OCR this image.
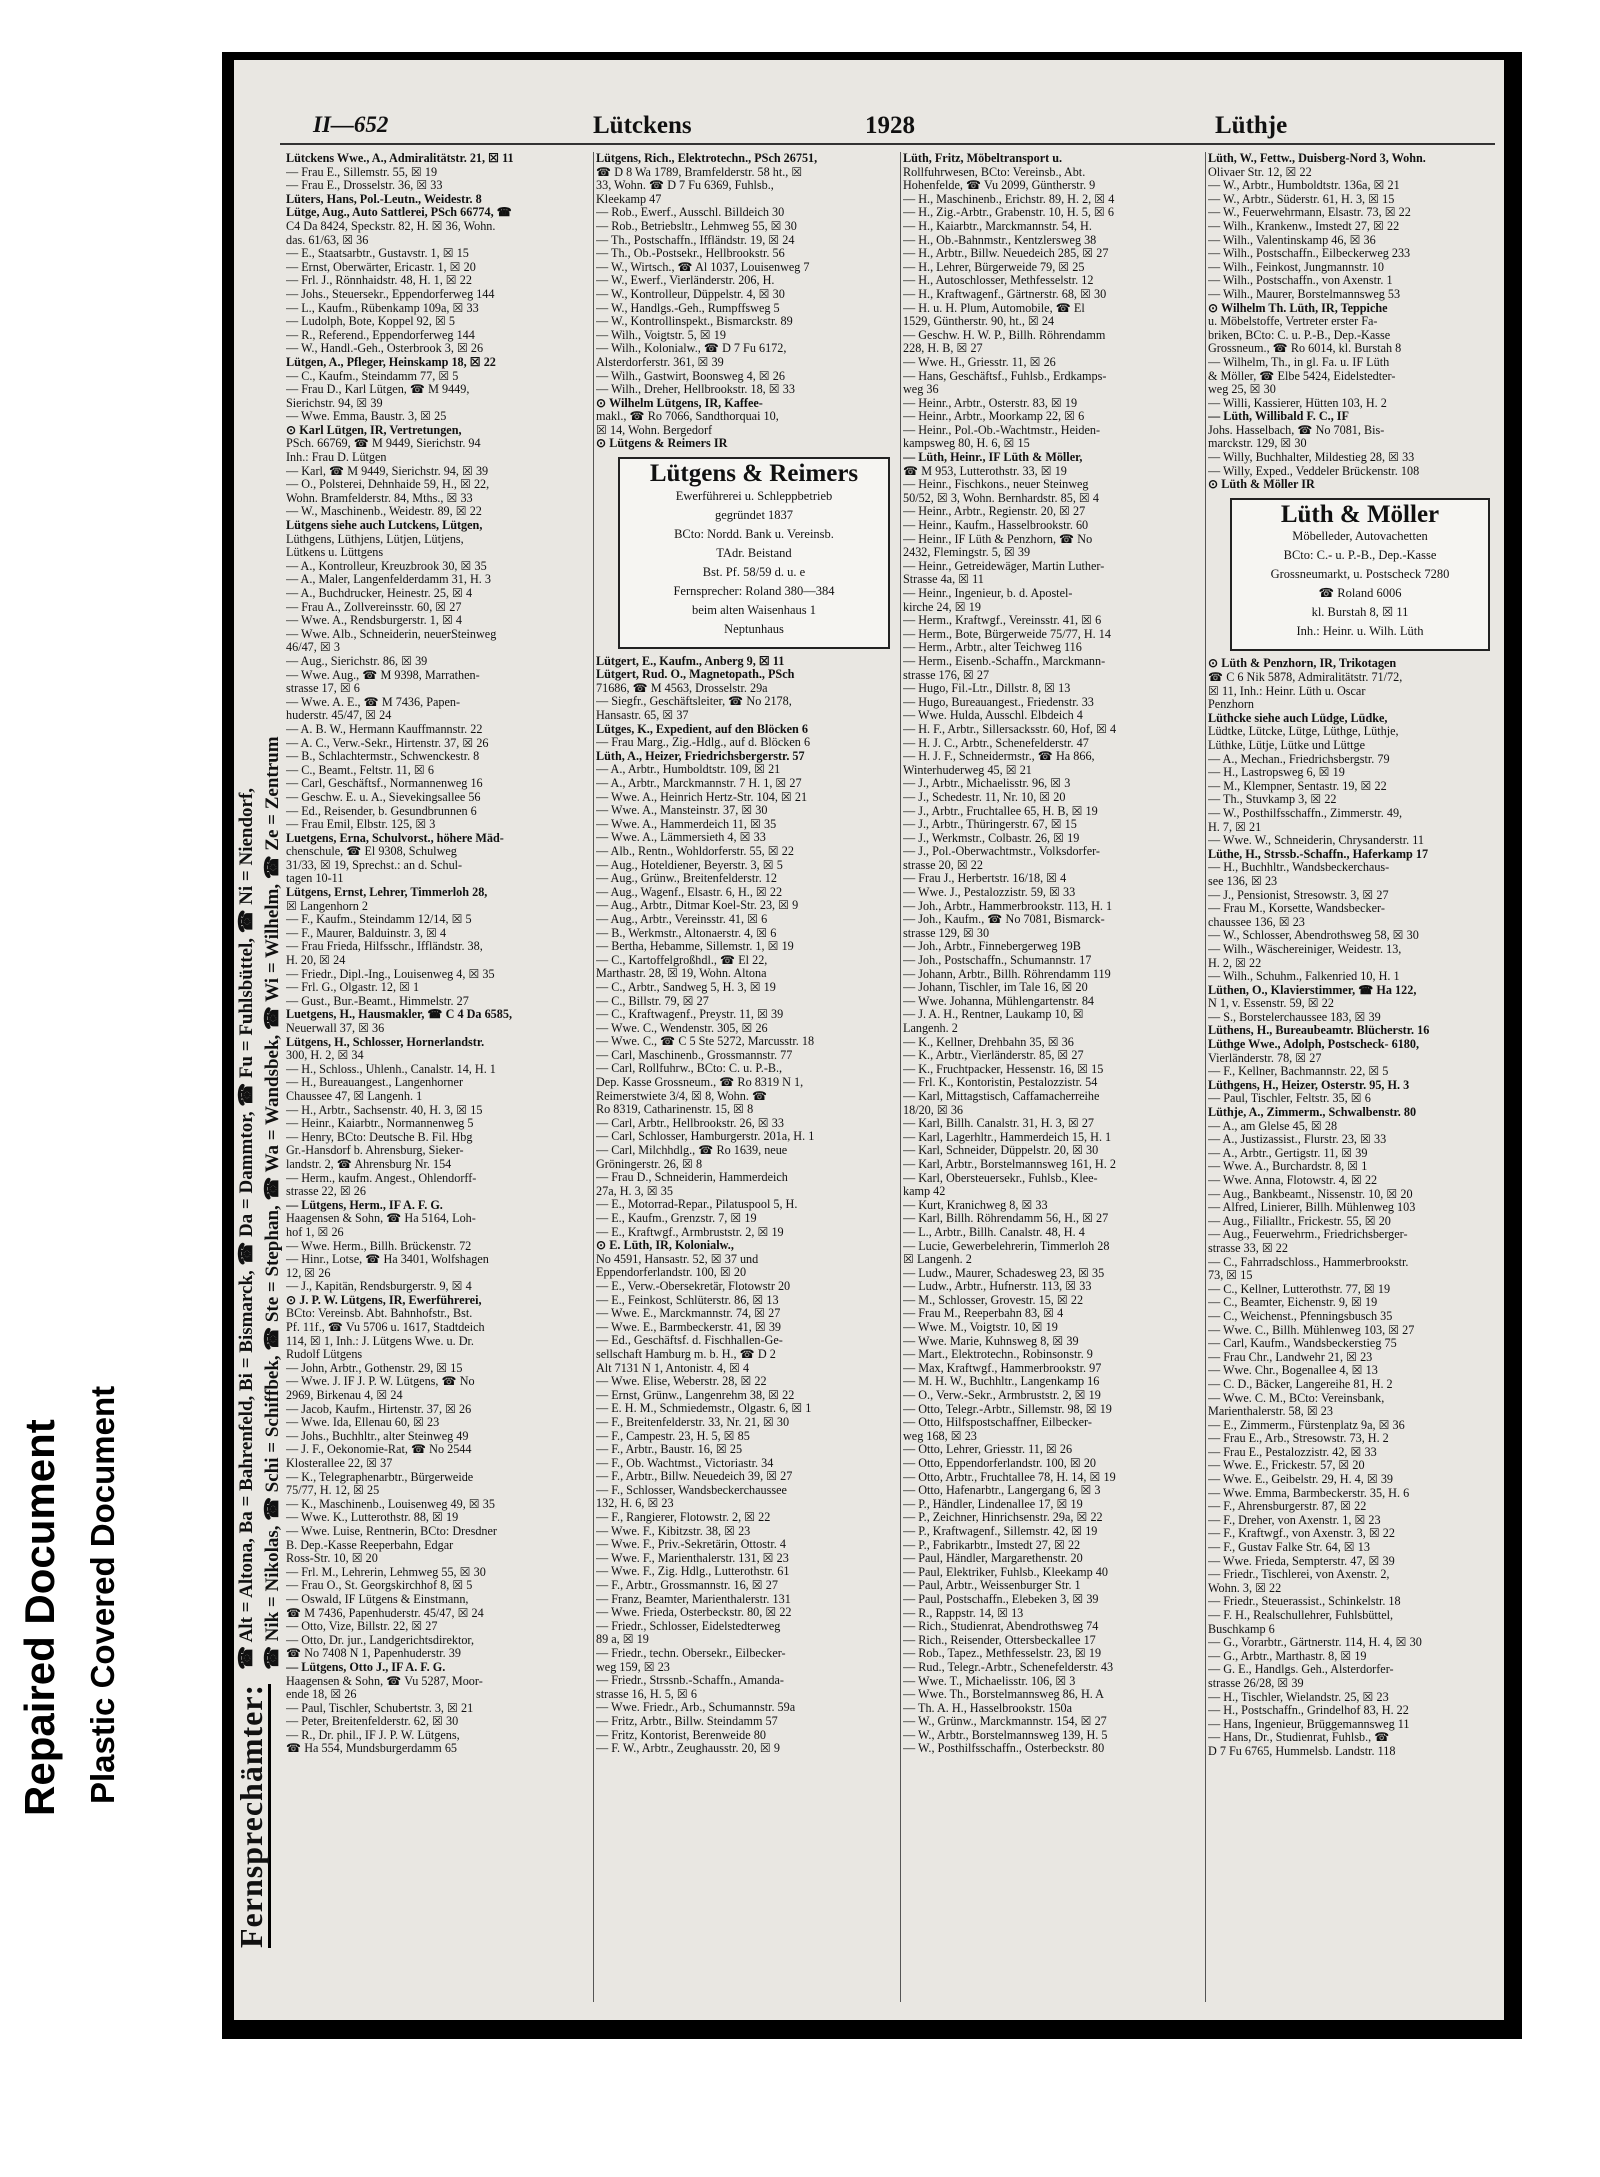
Repaired Document Plastic Covered Document
II—652	Lütckens	1928	Lüthje
Fernsprechämter:
☎ Alt = Altona, Ba = Bahrenfeld, Bi = Bismarck, ☎ Da = Dammtor, ☎ Fu = Fuhlsbüttel, ☎ Ni = Niendorf, ☎ Nik = Nikolas, ☎ Schi = Schiffbek, ☎ Ste = Stephan, ☎ Wa = Wandsbek, ☎ Wi = Wilhelm, ☎ Ze = Zentrum
Lütckens Wwe., A., Admiralitätstr. 21, ☒ 11
— Frau E., Sillemstr. 55, ☒ 19
— Frau E., Drosselstr. 36, ☒ 33
Lüters, Hans, Pol.-Leutn., Weidestr. 8
Lütge, Aug., Auto Sattlerei, PSch 66774, ☎
C4 Da 8424, Speckstr. 82, H. ☒ 36, Wohn.
das. 61/63, ☒ 36
— E., Staatsarbtr., Gustavstr. 1, ☒ 15
— Ernst, Oberwärter, Ericastr. 1, ☒ 20
— Frl. J., Rönnhaidstr. 48, H. 1, ☒ 22
— Johs., Steuersekr., Eppendorferweg 144
— L., Kaufm., Rübenkamp 109a, ☒ 33
— Ludolph, Bote, Koppel 92, ☒ 5
— R., Referend., Eppendorferweg 144
— W., Handl.-Geh., Osterbrook 3, ☒ 26
Lütgen, A., Pfleger, Heinskamp 18, ☒ 22
— C., Kaufm., Steindamm 77, ☒ 5
— Frau D., Karl Lütgen, ☎ M 9449,
Sierichstr. 94, ☒ 39
— Wwe. Emma, Baustr. 3, ☒ 25
⊙ Karl Lütgen, IR, Vertretungen,
PSch. 66769, ☎ M 9449, Sierichstr. 94
Inh.: Frau D. Lütgen
— Karl, ☎ M 9449, Sierichstr. 94, ☒ 39
— O., Polsterei, Dehnhaide 59, H., ☒ 22,
Wohn. Bramfelderstr. 84, Mths., ☒ 33
— W., Maschinenb., Weidestr. 89, ☒ 22
Lütgens siehe auch Lutckens, Lütgen,
Lüthgens, Lüthjens, Lütjen, Lütjens,
Lütkens u. Lüttgens
— A., Kontrolleur, Kreuzbrook 30, ☒ 35
— A., Maler, Langenfelderdamm 31, H. 3
— A., Buchdrucker, Heinestr. 25, ☒ 4
— Frau A., Zollvereinsstr. 60, ☒ 27
— Wwe. A., Rendsburgerstr. 1, ☒ 4
— Wwe. Alb., Schneiderin, neuerSteinweg
46/47, ☒ 3
— Aug., Sierichstr. 86, ☒ 39
— Wwe. Aug., ☎ M 9398, Marrathen-
strasse 17, ☒ 6
— Wwe. A. E., ☎ M 7436, Papen-
huderstr. 45/47, ☒ 24
— A. B. W., Hermann Kauffmannstr. 22
— A. C., Verw.-Sekr., Hirtenstr. 37, ☒ 26
— B., Schlachtermstr., Schwenckestr. 8
— C., Beamt., Feltstr. 11, ☒ 6
— Carl, Geschäftsf., Normannenweg 16
— Geschw. E. u. A., Sievekingsallee 56
— Ed., Reisender, b. Gesundbrunnen 6
— Frau Emil, Elbstr. 125, ☒ 3
Luetgens, Erna, Schulvorst., höhere Mäd-
chenschule, ☎ El 9308, Schulweg
31/33, ☒ 19, Sprechst.: an d. Schul-
tagen 10-11
Lütgens, Ernst, Lehrer, Timmerloh 28,
☒ Langenhorn 2
— F., Kaufm., Steindamm 12/14, ☒ 5
— F., Maurer, Balduinstr. 3, ☒ 4
— Frau Frieda, Hilfsschr., Iffländstr. 38,
H. 20, ☒ 24
— Friedr., Dipl.-Ing., Louisenweg 4, ☒ 35
— Frl. G., Olgastr. 12, ☒ 1
— Gust., Bur.-Beamt., Himmelstr. 27
Luetgens, H., Hausmakler, ☎ C 4 Da 6585,
Neuerwall 37, ☒ 36
Lütgens, H., Schlosser, Hornerlandstr.
300, H. 2, ☒ 34
— H., Schloss., Uhlenh., Canalstr. 14, H. 1
— H., Bureauangest., Langenhorner
Chaussee 47, ☒ Langenh. 1
— H., Arbtr., Sachsenstr. 40, H. 3, ☒ 15
— Heinr., Kaiarbtr., Normannenweg 5
— Henry, BCto: Deutsche B. Fil. Hbg
Gr.-Hansdorf b. Ahrensburg, Sieker-
landstr. 2, ☎ Ahrensburg Nr. 154
— Herm., kaufm. Angest., Ohlendorff-
strasse 22, ☒ 26
— Lütgens, Herm., IF A. F. G.
Haagensen & Sohn, ☎ Ha 5164, Loh-
hof 1, ☒ 26
— Wwe. Herm., Billh. Brückenstr. 72
— Hinr., Lotse, ☎ Ha 3401, Wolfshagen
12, ☒ 26
— J., Kapitän, Rendsburgerstr. 9, ☒ 4
⊙ J. P. W. Lütgens, IR, Ewerführerei,
BCto: Vereinsb. Abt. Bahnhofstr., Bst.
Pf. 11f., ☎ Vu 5706 u. 1617, Stadtdeich
114, ☒ 1, Inh.: J. Lütgens Wwe. u. Dr.
Rudolf Lütgens
— John, Arbtr., Gothenstr. 29, ☒ 15
— Wwe. J. IF J. P. W. Lütgens, ☎ No
2969, Birkenau 4, ☒ 24
— Jacob, Kaufm., Hirtenstr. 37, ☒ 26
— Wwe. Ida, Ellenau 60, ☒ 23
— Johs., Buchhltr., alter Steinweg 49
— J. F., Oekonomie-Rat, ☎ No 2544
Klosterallee 22, ☒ 37
— K., Telegraphenarbtr., Bürgerweide
75/77, H. 12, ☒ 25
— K., Maschinenb., Louisenweg 49, ☒ 35
— Wwe. K., Lutterothstr. 88, ☒ 19
— Wwe. Luise, Rentnerin, BCto: Dresdner
B. Dep.-Kasse Reeperbahn, Edgar
Ross-Str. 10, ☒ 20
— Frl. M., Lehrerin, Lehmweg 55, ☒ 30
— Frau O., St. Georgskirchhof 8, ☒ 5
— Oswald, IF Lütgens & Einstmann,
☎ M 7436, Papenhuderstr. 45/47, ☒ 24
— Otto, Vize, Billstr. 22, ☒ 27
— Otto, Dr. jur., Landgerichtsdirektor,
☎ No 7408 N 1, Papenhuderstr. 39
— Lütgens, Otto J., IF A. F. G.
Haagensen & Sohn, ☎ Vu 5287, Moor-
ende 18, ☒ 26
— Paul, Tischler, Schubertstr. 3, ☒ 21
— Peter, Breitenfelderstr. 62, ☒ 30
— R., Dr. phil., IF J. P. W. Lütgens,
☎ Ha 554, Mundsburgerdamm 65
Lütgens, Rich., Elektrotechn., PSch 26751,
☎ D 8 Wa 1789, Bramfelderstr. 58 ht., ☒
33, Wohn. ☎ D 7 Fu 6369, Fuhlsb.,
Kleekamp 47
— Rob., Ewerf., Ausschl. Billdeich 30
— Rob., Betriebsltr., Lehmweg 55, ☒ 30
— Th., Postschaffn., Iffländstr. 19, ☒ 24
— Th., Ob.-Postsekr., Hellbrookstr. 56
— W., Wirtsch., ☎ Al 1037, Louisenweg 7
— W., Ewerf., Vierländerstr. 206, H.
— W., Kontrolleur, Düppelstr. 4, ☒ 30
— W., Handlgs.-Geh., Rumpffsweg 5
— W., Kontrollinspekt., Bismarckstr. 89
— Wilh., Voigtstr. 5, ☒ 19
— Wilh., Kolonialw., ☎ D 7 Fu 6172,
Alsterdorferstr. 361, ☒ 39
— Wilh., Gastwirt, Boonsweg 4, ☒ 26
— Wilh., Dreher, Hellbrookstr. 18, ☒ 33
⊙ Wilhelm Lütgens, IR, Kaffee-
makl., ☎ Ro 7066, Sandthorquai 10,
☒ 14, Wohn. Bergedorf
⊙ Lütgens & Reimers IR
Lütgens & Reimers
Ewerführerei u. Schleppbetrieb
gegründet 1837
BCto: Nordd. Bank u. Vereinsb.
TAdr. Beistand
Bst. Pf. 58/59 d. u. e
Fernsprecher: Roland 380—384
beim alten Waisenhaus 1
Neptunhaus
Lütgert, E., Kaufm., Anberg 9, ☒ 11
Lütgert, Rud. O., Magnetopath., PSch
71686, ☎ M 4563, Drosselstr. 29a
— Siegfr., Geschäftsleiter, ☎ No 2178,
Hansastr. 65, ☒ 37
Lütges, K., Expedient, auf den Blöcken 6
— Frau Marg., Zig.-Hdlg., auf d. Blöcken 6
Lüth, A., Heizer, Friedrichsbergerstr. 57
— A., Arbtr., Humboldtstr. 109, ☒ 21
— A., Arbtr., Marckmannstr. 7 H. 1, ☒ 27
— Wwe. A., Heinrich Hertz-Str. 104, ☒ 21
— Wwe. A., Mansteinstr. 37, ☒ 30
— Wwe. A., Hammerdeich 11, ☒ 35
— Wwe. A., Lämmersieth 4, ☒ 33
— Alb., Rentn., Wohldorferstr. 55, ☒ 22
— Aug., Hoteldiener, Beyerstr. 3, ☒ 5
— Aug., Grünw., Breitenfelderstr. 12
— Aug., Wagenf., Elsastr. 6, H., ☒ 22
— Aug., Arbtr., Ditmar Koel-Str. 23, ☒ 9
— Aug., Arbtr., Vereinsstr. 41, ☒ 6
— B., Werkmstr., Altonaerstr. 4, ☒ 6
— Bertha, Hebamme, Sillemstr. 1, ☒ 19
— C., Kartoffelgroßhdl., ☎ El 22,
Marthastr. 28, ☒ 19, Wohn. Altona
— C., Arbtr., Sandweg 5, H. 3, ☒ 19
— C., Billstr. 79, ☒ 27
— C., Kraftwagenf., Preystr. 11, ☒ 39
— Wwe. C., Wendenstr. 305, ☒ 26
— Wwe. C., ☎ C 5 Ste 5272, Marcusstr. 18
— Carl, Maschinenb., Grossmannstr. 77
— Carl, Rollfuhrw., BCto: C. u. P.-B.,
Dep. Kasse Grossneum., ☎ Ro 8319 N 1,
Reimerstwiete 3/4, ☒ 8, Wohn. ☎
Ro 8319, Catharinenstr. 15, ☒ 8
— Carl, Arbtr., Hellbrookstr. 26, ☒ 33
— Carl, Schlosser, Hamburgerstr. 201a, H. 1
— Carl, Milchhdlg., ☎ Ro 1639, neue
Gröningerstr. 26, ☒ 8
— Frau D., Schneiderin, Hammerdeich
27a, H. 3, ☒ 35
— E., Motorrad-Repar., Pilatuspool 5, H.
— E., Kaufm., Grenzstr. 7, ☒ 19
— E., Kraftwgf., Armbruststr. 2, ☒ 19
⊙ E. Lüth, IR, Kolonialw.,
No 4591, Hansastr. 52, ☒ 37 und
Eppendorferlandstr. 100, ☒ 20
— E., Verw.-Obersekretär, Flotowstr 20
— E., Feinkost, Schlüterstr. 86, ☒ 13
— Wwe. E., Marckmannstr. 74, ☒ 27
— Wwe. E., Barmbeckerstr. 41, ☒ 39
— Ed., Geschäftsf. d. Fischhallen-Ge-
sellschaft Hamburg m. b. H., ☎ D 2
Alt 7131 N 1, Antonistr. 4, ☒ 4
— Wwe. Elise, Weberstr. 28, ☒ 22
— Ernst, Grünw., Langenrehm 38, ☒ 22
— E. H. M., Schmiedemstr., Olgastr. 6, ☒ 1
— F., Breitenfelderstr. 33, Nr. 21, ☒ 30
— F., Campestr. 23, H. 5, ☒ 85
— F., Arbtr., Baustr. 16, ☒ 25
— F., Ob. Wachtmst., Victoriastr. 34
— F., Arbtr., Billw. Neuedeich 39, ☒ 27
— F., Schlosser, Wandsbeckerchaussee
132, H. 6, ☒ 23
— F., Rangierer, Flotowstr. 2, ☒ 22
— Wwe. F., Kibitzstr. 38, ☒ 23
— Wwe. F., Priv.-Sekretärin, Ottostr. 4
— Wwe. F., Marienthalerstr. 131, ☒ 23
— Wwe. F., Zig. Hdlg., Lutterothstr. 61
— F., Arbtr., Grossmannstr. 16, ☒ 27
— Franz, Beamter, Marienthalerstr. 131
— Wwe. Frieda, Osterbeckstr. 80, ☒ 22
— Friedr., Schlosser, Eidelstedterweg
89 a, ☒ 19
— Friedr., techn. Obersekr., Eilbecker-
weg 159, ☒ 23
— Friedr., Strssnb.-Schaffn., Amanda-
strasse 16, H. 5, ☒ 6
— Wwe. Friedr., Arb., Schumannstr. 59a
— Fritz, Arbtr., Billw. Steindamm 57
— Fritz, Kontorist, Berenweide 80
— F. W., Arbtr., Zeughausstr. 20, ☒ 9
Lüth, Fritz, Möbeltransport u.
Rollfuhrwesen, BCto: Vereinsb., Abt.
Hohenfelde, ☎ Vu 2099, Güntherstr. 9
— H., Maschinenb., Erichstr. 89, H. 2, ☒ 4
— H., Zig.-Arbtr., Grabenstr. 10, H. 5, ☒ 6
— H., Kaiarbtr., Marckmannstr. 54, H.
— H., Ob.-Bahnmstr., Kentzlersweg 38
— H., Arbtr., Billw. Neuedeich 285, ☒ 27
— H., Lehrer, Bürgerweide 79, ☒ 25
— H., Autoschlosser, Methfesselstr. 12
— H., Kraftwagenf., Gärtnerstr. 68, ☒ 30
— H. u. H. Plum, Automobile, ☎ El
1529, Güntherstr. 90, ht., ☒ 24
— Geschw. H. W. P., Billh. Röhrendamm
228, H. B, ☒ 27
— Wwe. H., Griesstr. 11, ☒ 26
— Hans, Geschäftsf., Fuhlsb., Erdkamps-
weg 36
— Heinr., Arbtr., Osterstr. 83, ☒ 19
— Heinr., Arbtr., Moorkamp 22, ☒ 6
— Heinr., Pol.-Ob.-Wachtmstr., Heiden-
kampsweg 80, H. 6, ☒ 15
— Lüth, Heinr., IF Lüth & Möller,
☎ M 953, Lutterothstr. 33, ☒ 19
— Heinr., Fischkons., neuer Steinweg
50/52, ☒ 3, Wohn. Bernhardstr. 85, ☒ 4
— Heinr., Arbtr., Regienstr. 20, ☒ 27
— Heinr., Kaufm., Hasselbrookstr. 60
— Heinr., IF Lüth & Penzhorn, ☎ No
2432, Flemingstr. 5, ☒ 39
— Heinr., Getreidewäger, Martin Luther-
Strasse 4a, ☒ 11
— Heinr., Ingenieur, b. d. Apostel-
kirche 24, ☒ 19
— Herm., Kraftwgf., Vereinsstr. 41, ☒ 6
— Herm., Bote, Bürgerweide 75/77, H. 14
— Herm., Arbtr., alter Teichweg 116
— Herm., Eisenb.-Schaffn., Marckmann-
strasse 176, ☒ 27
— Hugo, Fil.-Ltr., Dillstr. 8, ☒ 13
— Hugo, Bureauangest., Friedenstr. 33
— Wwe. Hulda, Ausschl. Elbdeich 4
— H. F., Arbtr., Sillersacksstr. 60, Hof, ☒ 4
— H. J. C., Arbtr., Schenefelderstr. 47
— H. J. F., Schneidermstr., ☎ Ha 866,
Winterhuderweg 45, ☒ 21
— J., Arbtr., Michaelisstr. 96, ☒ 3
— J., Schedestr. 11, Nr. 10, ☒ 20
— J., Arbtr., Fruchtallee 65, H. B, ☒ 19
— J., Arbtr., Thüringerstr. 67, ☒ 15
— J., Werkmstr., Colbastr. 26, ☒ 19
— J., Pol.-Oberwachtmstr., Volksdorfer-
strasse 20, ☒ 22
— Frau J., Herbertstr. 16/18, ☒ 4
— Wwe. J., Pestalozzistr. 59, ☒ 33
— Joh., Arbtr., Hammerbrookstr. 113, H. 1
— Joh., Kaufm., ☎ No 7081, Bismarck-
strasse 129, ☒ 30
— Joh., Arbtr., Finnebergerweg 19B
— Joh., Postschaffn., Schumannstr. 17
— Johann, Arbtr., Billh. Röhrendamm 119
— Johann, Tischler, im Tale 16, ☒ 20
— Wwe. Johanna, Mühlengartenstr. 84
— J. A. H., Rentner, Laukamp 10, ☒
Langenh. 2
— K., Kellner, Drehbahn 35, ☒ 36
— K., Arbtr., Vierländerstr. 85, ☒ 27
— K., Fruchtpacker, Hessenstr. 16, ☒ 15
— Frl. K., Kontoristin, Pestalozzistr. 54
— Karl, Mittagstisch, Caffamacherreihe
18/20, ☒ 36
— Karl, Billh. Canalstr. 31, H. 3, ☒ 27
— Karl, Lagerhltr., Hammerdeich 15, H. 1
— Karl, Schneider, Düppelstr. 20, ☒ 30
— Karl, Arbtr., Borstelmannsweg 161, H. 2
— Karl, Obersteuersekr., Fuhlsb., Klee-
kamp 42
— Kurt, Kranichweg 8, ☒ 33
— Karl, Billh. Röhrendamm 56, H., ☒ 27
— L., Arbtr., Billh. Canalstr. 48, H. 4
— Lucie, Gewerbelehrerin, Timmerloh 28
☒ Langenh. 2
— Ludw., Maurer, Schadesweg 23, ☒ 35
— Ludw., Arbtr., Hufnerstr. 113, ☒ 33
— M., Schlosser, Grovestr. 15, ☒ 22
— Frau M., Reeperbahn 83, ☒ 4
— Wwe. M., Voigtstr. 10, ☒ 19
— Wwe. Marie, Kuhnsweg 8, ☒ 39
— Mart., Elektrotechn., Robinsonstr. 9
— Max, Kraftwgf., Hammerbrookstr. 97
— M. H. W., Buchhltr., Langenkamp 16
— O., Verw.-Sekr., Armbruststr. 2, ☒ 19
— Otto, Telegr.-Arbtr., Sillemstr. 98, ☒ 19
— Otto, Hilfspostschaffner, Eilbecker-
weg 168, ☒ 23
— Otto, Lehrer, Griesstr. 11, ☒ 26
— Otto, Eppendorferlandstr. 100, ☒ 20
— Otto, Arbtr., Fruchtallee 78, H. 14, ☒ 19
— Otto, Hafenarbtr., Langergang 6, ☒ 3
— P., Händler, Lindenallee 17, ☒ 19
— P., Zeichner, Hinrichsenstr. 29a, ☒ 22
— P., Kraftwagenf., Sillemstr. 42, ☒ 19
— P., Fabrikarbtr., Imstedt 27, ☒ 22
— Paul, Händler, Margarethenstr. 20
— Paul, Elektriker, Fuhlsb., Kleekamp 40
— Paul, Arbtr., Weissenburger Str. 1
— Paul, Postschaffn., Elebeken 3, ☒ 39
— R., Rappstr. 14, ☒ 13
— Rich., Studienrat, Abendrothsweg 74
— Rich., Reisender, Ottersbeckallee 17
— Rob., Tapez., Methfesselstr. 23, ☒ 19
— Rud., Telegr.-Arbtr., Schenefelderstr. 43
— Wwe. T., Michaelisstr. 106, ☒ 3
— Wwe. Th., Borstelmannsweg 86, H. A
— Th. A. H., Hasselbrookstr. 150a
— W., Grünw., Marckmannstr. 154, ☒ 27
— W., Arbtr., Borstelmannsweg 139, H. 5
— W., Posthilfsschaffn., Osterbeckstr. 80
Lüth, W., Fettw., Duisberg-Nord 3, Wohn.
Olivaer Str. 12, ☒ 22
— W., Arbtr., Humboldtstr. 136a, ☒ 21
— W., Arbtr., Süderstr. 61, H. 3, ☒ 15
— W., Feuerwehrmann, Elsastr. 73, ☒ 22
— Wilh., Krankenw., Imstedt 27, ☒ 22
— Wilh., Valentinskamp 46, ☒ 36
— Wilh., Postschaffn., Eilbeckerweg 233
— Wilh., Feinkost, Jungmannstr. 10
— Wilh., Postschaffn., von Axenstr. 1
— Wilh., Maurer, Borstelmannsweg 53
⊙ Wilhelm Th. Lüth, IR, Teppiche
u. Möbelstoffe, Vertreter erster Fa-
briken, BCto: C. u. P.-B., Dep.-Kasse
Grossneum., ☎ Ro 6014, kl. Burstah 8
— Wilhelm, Th., in gl. Fa. u. IF Lüth
& Möller, ☎ Elbe 5424, Eidelstedter-
weg 25, ☒ 30
— Willi, Kassierer, Hütten 103, H. 2
— Lüth, Willibald F. C., IF
Johs. Hasselbach, ☎ No 7081, Bis-
marckstr. 129, ☒ 30
— Willy, Buchhalter, Mildestieg 28, ☒ 33
— Willy, Exped., Veddeler Brückenstr. 108
⊙ Lüth & Möller IR
Lüth & Möller
Möbelleder, Autovachetten
BCto: C.- u. P.-B., Dep.-Kasse
Grossneumarkt, u. Postscheck 7280
☎ Roland 6006
kl. Burstah 8, ☒ 11
Inh.: Heinr. u. Wilh. Lüth
⊙ Lüth & Penzhorn, IR, Trikotagen
☎ C 6 Nik 5878, Admiralitätstr. 71/72,
☒ 11, Inh.: Heinr. Lüth u. Oscar
Penzhorn
Lüthcke siehe auch Lüdge, Lüdke,
Lüdtke, Lütcke, Lütge, Lüthge, Lüthje,
Lüthke, Lütje, Lütke und Lüttge
— A., Mechan., Friedrichsbergstr. 79
— H., Lastropsweg 6, ☒ 19
— M., Klempner, Sentastr. 19, ☒ 22
— Th., Stuvkamp 3, ☒ 22
— W., Posthilfsschaffn., Zimmerstr. 49,
H. 7, ☒ 21
— Wwe. W., Schneiderin, Chrysanderstr. 11
Lüthe, H., Strssb.-Schaffn., Haferkamp 17
— H., Buchhltr., Wandsbeckerchaus-
see 136, ☒ 23
— J., Pensionist, Stresowstr. 3, ☒ 27
— Frau M., Korsette, Wandsbecker-
chaussee 136, ☒ 23
— W., Schlosser, Abendrothsweg 58, ☒ 30
— Wilh., Wäschereiniger, Weidestr. 13,
H. 2, ☒ 22
— Wilh., Schuhm., Falkenried 10, H. 1
Lüthen, O., Klavierstimmer, ☎ Ha 122,
N 1, v. Essenstr. 59, ☒ 22
— S., Borstelerchaussee 183, ☒ 39
Lüthens, H., Bureaubeamtr. Blücherstr. 16
Lüthge Wwe., Adolph, Postscheck- 6180,
Vierländerstr. 78, ☒ 27
— F., Kellner, Bachmannstr. 22, ☒ 5
Lüthgens, H., Heizer, Osterstr. 95, H. 3
— Paul, Tischler, Feltstr. 35, ☒ 6
Lüthje, A., Zimmerm., Schwalbenstr. 80
— A., am Glelse 45, ☒ 28
— A., Justizassist., Flurstr. 23, ☒ 33
— A., Arbtr., Gertigstr. 11, ☒ 39
— Wwe. A., Burchardstr. 8, ☒ 1
— Wwe. Anna, Flotowstr. 4, ☒ 22
— Aug., Bankbeamt., Nissenstr. 10, ☒ 20
— Alfred, Linierer, Billh. Mühlenweg 103
— Aug., Filialltr., Frickestr. 55, ☒ 20
— Aug., Feuerwehrm., Friedrichsberger-
strasse 33, ☒ 22
— C., Fahrradschloss., Hammerbrookstr.
73, ☒ 15
— C., Kellner, Lutterothstr. 77, ☒ 19
— C., Beamter, Eichenstr. 9, ☒ 19
— C., Weichenst., Pfenningsbusch 35
— Wwe. C., Billh. Mühlenweg 103, ☒ 27
— Carl, Kaufm., Wandsbeckerstieg 75
— Frau Chr., Landwehr 21, ☒ 23
— Wwe. Chr., Bogenallee 4, ☒ 13
— C. D., Bäcker, Langereihe 81, H. 2
— Wwe. C. M., BCto: Vereinsbank,
Marienthalerstr. 58, ☒ 23
— E., Zimmerm., Fürstenplatz 9a, ☒ 36
— Frau E., Arb., Stresowstr. 73, H. 2
— Frau E., Pestalozzistr. 42, ☒ 33
— Wwe. E., Frickestr. 57, ☒ 20
— Wwe. E., Geibelstr. 29, H. 4, ☒ 39
— Wwe. Emma, Barmbeckerstr. 35, H. 6
— F., Ahrensburgerstr. 87, ☒ 22
— F., Dreher, von Axenstr. 1, ☒ 23
— F., Kraftwgf., von Axenstr. 3, ☒ 22
— F., Gustav Falke Str. 64, ☒ 13
— Wwe. Frieda, Sempterstr. 47, ☒ 39
— Friedr., Tischlerei, von Axenstr. 2,
Wohn. 3, ☒ 22
— Friedr., Steuerassist., Schinkelstr. 18
— F. H., Realschullehrer, Fuhlsbüttel,
Buschkamp 6
— G., Vorarbtr., Gärtnerstr. 114, H. 4, ☒ 30
— G., Arbtr., Marthastr. 8, ☒ 19
— G. E., Handlgs. Geh., Alsterdorfer-
strasse 26/28, ☒ 39
— H., Tischler, Wielandstr. 25, ☒ 23
— H., Postschaffn., Grindelhof 83, H. 22
— Hans, Ingenieur, Brüggemannsweg 11
— Hans, Dr., Studienrat, Fuhlsb., ☎
D 7 Fu 6765, Hummelsb. Landstr. 118
